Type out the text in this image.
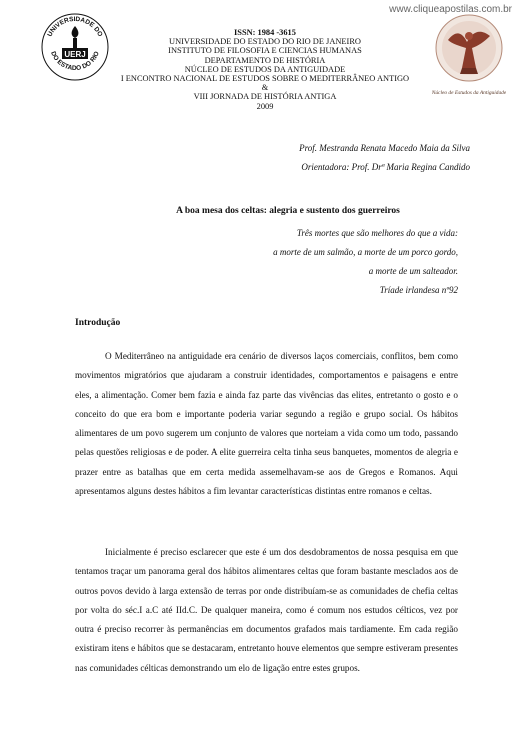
www.cliqueapostilas.com.br
UNIVERSIDADE DO
DO ESTADO DO RIO
UERJ
Núcleo de Estudos da Antiguidade
ISSN: 1984 -3615
UNIVERSIDADE DO ESTADO DO RIO DE JANEIRO
INSTITUTO DE FILOSOFIA E CIENCIAS HUMANAS
DEPARTAMENTO DE HISTÓRIA
NÚCLEO DE ESTUDOS DA ANTIGUIDADE
I ENCONTRO NACIONAL DE ESTUDOS SOBRE O MEDITERRÂNEO ANTIGO
&
VIII JORNADA DE HISTÓRIA ANTIGA
2009
Prof. Mestranda Renata Macedo Maia da Silva
Orientadora: Prof. Drª Maria Regina Candido
A boa mesa dos celtas: alegria e sustento dos guerreiros
Três mortes que são melhores do que a vida:
a morte de um salmão, a morte de um porco gordo,
a morte de um salteador.
Tríade irlandesa nº92
Introdução

O Mediterrâneo na antiguidade era cenário de diversos laços comerciais, conflitos, bem como movimentos migratórios que ajudaram a construir identidades, comportamentos e paisagens e entre eles, a alimentação. Comer bem fazia e ainda faz parte das vivências das elites, entretanto o gosto e o conceito do que era bom e importante poderia variar segundo a região e grupo social. Os hábitos alimentares de um povo sugerem um conjunto de valores que norteiam a vida como um todo, passando pelas questões religiosas e de poder. A elite guerreira celta tinha seus banquetes, momentos de alegria e prazer entre as batalhas que em certa medida assemelhavam-se aos de Gregos e Romanos. Aqui apresentamos alguns destes hábitos a fim levantar características distintas entre romanos e celtas.

Inicialmente é preciso esclarecer que este é um dos desdobramentos de nossa pesquisa em que tentamos traçar um panorama geral dos hábitos alimentares celtas que foram bastante mesclados aos de outros povos devido à larga extensão de terras por onde distribuíam-se as comunidades de chefia celtas por volta do séc.I a.C até IId.C. De qualquer maneira, como é comum nos estudos célticos, vez por outra é preciso recorrer às permanências em documentos grafados mais tardiamente. Em cada região existiram itens e hábitos que se destacaram, entretanto houve elementos que sempre estiveram presentes nas comunidades célticas demonstrando um elo de ligação entre estes grupos.
